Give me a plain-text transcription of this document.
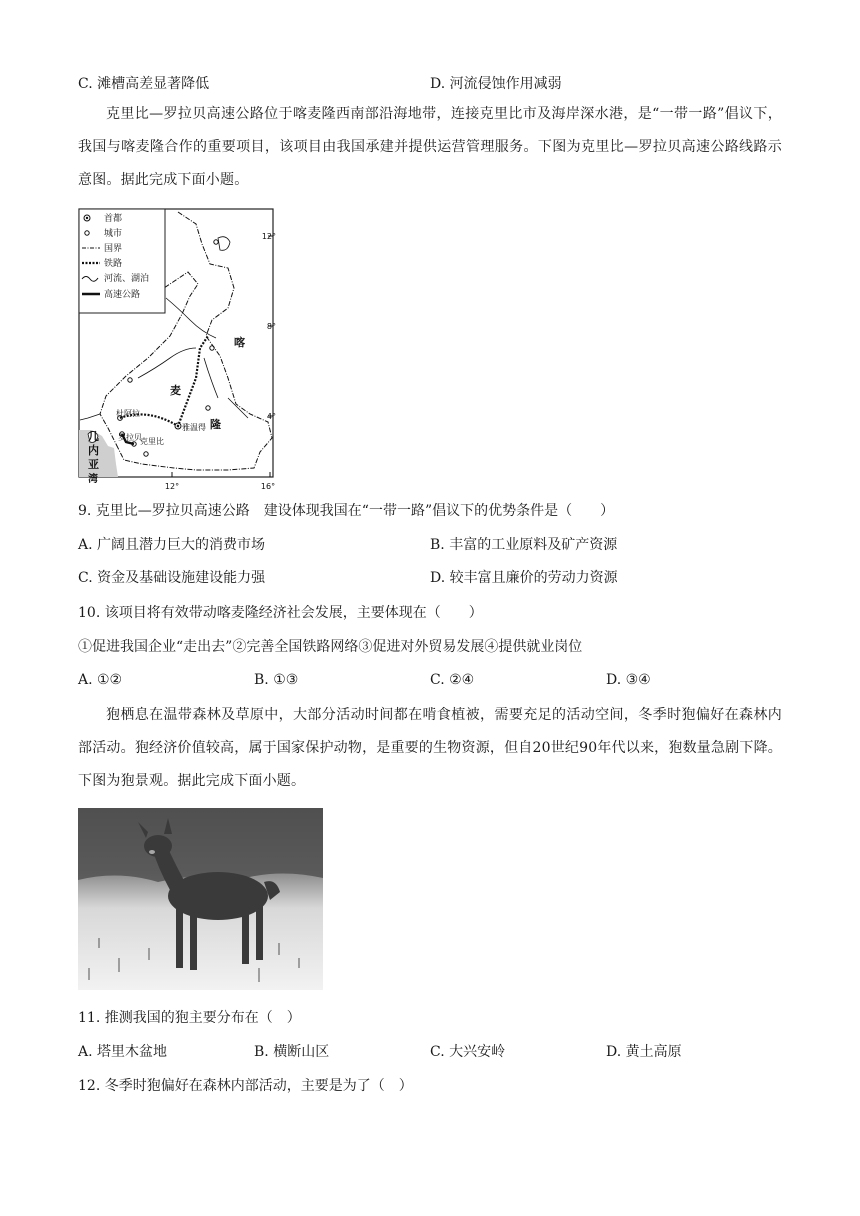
C. 滩槽高差显著降低	D. 河流侵蚀作用减弱
克里比—罗拉贝高速公路位于喀麦隆西南部沿海地带，连接克里比市及海岸深水港，是“一带一路”倡议下，我国与喀麦隆合作的重要项目，该项目由我国承建并提供运营管理服务。下图为克里比—罗拉贝高速公路线路示意图。据此完成下面小题。
首都
城市
国界
铁路
河流、湖泊
高速公路
喀
麦
隆
几
内
亚
湾
杜阿拉
雅温得
罗拉贝
克里比
12°
8°
4°
12°	16°
9. 克里比—罗拉贝高速公路　建设体现我国在“一带一路”倡议下的优势条件是（　　）
A. 广阔且潜力巨大的消费市场	B. 丰富的工业原料及矿产资源
C. 资金及基础设施建设能力强	D. 较丰富且廉价的劳动力资源
10. 该项目将有效带动喀麦隆经济社会发展，主要体现在（　　）
①促进我国企业“走出去”②完善全国铁路网络③促进对外贸易发展④提供就业岗位
A. ①②	B. ①③	C. ②④	D. ③④
狍栖息在温带森林及草原中，大部分活动时间都在啃食植被，需要充足的活动空间，冬季时狍偏好在森林内部活动。狍经济价值较高，属于国家保护动物，是重要的生物资源，但自20世纪90年代以来，狍数量急剧下降。下图为狍景观。据此完成下面小题。
11. 推测我国的狍主要分布在（　）
A. 塔里木盆地	B. 横断山区	C. 大兴安岭	D. 黄土高原
12. 冬季时狍偏好在森林内部活动，主要是为了（　）
